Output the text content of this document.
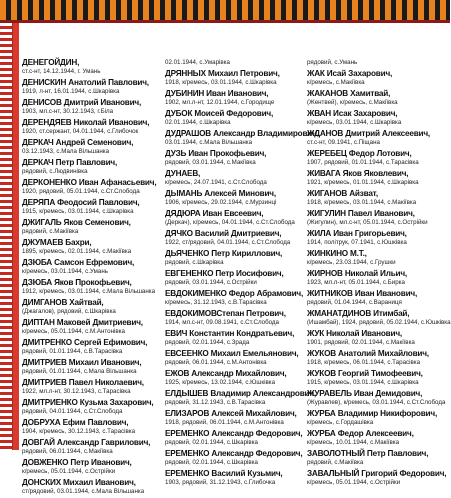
ДЕНЕГОЙДИН,
ст.с-нт, 14.12.1944, г. Умань
ДЕНИСКИН Анатолий Павлович,
1919, л-нт, 16.01.1944, с.Шкарівка
ДЕНИСОВ Дмитрий Иванович,
1903, мл.с-нт, 30.12.1943, г.Біла
ДЕРЕНДЯЕВ Николай Иванович,
1920, ст.сержант, 04.01.1944, с.Глибочок
ДЕРКАЧ Андрей Семенович,
03.12.1943, с.Мала Вільшанка
ДЕРКАЧ Петр Павлович,
рядовий, с.Людвинівка
ДЕРКОНЕНКО Иван Афанасьевич,
1920, рядовий, 05.01.1944, с.Ст.Слобода
ДЕРЯПА Феодосий Павлович,
1915, к/ремесь, 03.01.1944, с.Шкарівка
ДЖИГАЛЬ Яков Семенович,
рядовий, с.Макіївка
ДЖУМАЕВ Бахри,
1895, к/ремесь, 02.01.1944, с.Макіївка
ДЗЮБА Самсон Ефремович,
к/ремесь, 03.01.1944, с.Умань
ДЗЮБА Яков Прокофьевич,
1912, к/ремесь, 03.01.1944, с.Мала Вільшанка
ДИМГАНОВ Хайтвай,
(Джагалов), рядовий, с.Шкарівка
ДИПТАН Маковей Дмитриевич,
к/ремесь, 05.01.1944, с.М.Антонівка
ДМИТРЕНКО Сергей Ефимович,
рядовий, 01.01.1944, с.В.Тарасівка
ДМИТРИЕВ Михаил Иванович,
рядовий, 01.01.1944, с.Мала Вільшанка
ДМИТРИЕВ Павел Николаевич,
1922, мл.л-нт, 30.12.1943, с.Тарасівка
ДМИТРИЕНКО Кузьма Захарович,
рядовий, 04.01.1944, с.Ст.Слобода
ДОБРУХА Ефим Павлович,
1904, к/ремесь, 30.12.1943, с.Тарасівка
ДОВГАЙ Александр Гаврилович,
рядовий, 06.01.1944, с.Макіївка
ДОВЖЕНКО Петр Иванович,
к/ремесь, 05.01.1944, с.Острійки
ДОНСКИХ Михаил Иванович,
ст/рядовий, 03.01.1944, с.Мала Вільшанка
02.01.1944, с.Умарівка
ДРЯННЫХ Михаил Петрович,
1918, к/ремесь, 03.01.1944, с.Шкарівка
ДУБИНИН Иван Иванович,
1902, мл.л-нт, 12.01.1944, с.Городище
ДУБОК Моисей Федорович,
02.01.1944, с.Шкарівка
ДУДРАШОВ Александр Владимирович,
03.01.1944, с.Мала Вільшанка
ДУЗЬ Иван Прокофьевич,
рядовий, 03.01.1944, с.Макіївка
ДУНАЕВ,
к/ремесь, 24.07.1941, с.Ст.Слобода
ДЫМАНЬ Алексей Минович,
1906, к/ремесь, 29.02.1944, с.Мурзинці
ДЯДЮРА Иван Евсеевич,
(Деркач), к/ремесь, 04.01.1944, с.Ст.Слобода
ДЯЧКО Василий Дмитриевич,
1922, ст/рядовий, 04.01.1944, с.Ст.Слобода
ДЬЯЧЕНКО Петр Кириллович,
рядовий, с.Шкарівка
ЕВГЕНЕНКО Петр Иосифович,
рядовий, 03.01.1944, с.Острійки
ЕВДОКИМЕНКО Федор Абрамович,
к/ремесь, 31.12.1943, с.В.Тарасівка
ЕВДОКИМОВСтепан Петрович,
1914, мл.с-нт, 09.08.1941, с.Ст.Слобода
ЕВИЧ Константин Кондратьевич,
рядовий, 02.01.1944, с.Зрада
ЕВСЕЕНКО Михаил Емельянович,
рядовий, 06.01.1944, с.М.Антонівка
ЕЖОВ Александр Михайлович,
1925, к/ремесь, 13.02.1944, с.Юшківка
ЕЛДЫШЕВ Владимир Александрович,
рядовий, 31.12.1943, с.В.Тарасівка
ЕЛИЗАРОВ Алексей Михайлович,
1918, рядовий, 06.01.1944, с.М.Антонівка
ЕРЕМЕНКО Александр Федорович,
рядовий, 02.01.1944, с.Шкарівка
ЕРЕМЕНКО Александр Федорович,
рядовий, 02.01.1944, с.Шкарівка
ЕРЕМЕНКО Василий Кузьмич,
1903, рядовий, 31.12.1943, с.Глибочка
рядовий, с.Умань
ЖАК Исай Захарович,
к/ремесь, с.Макіївка
ЖАКАНОВ Хамитвай,
(Жентвей), к/ремесь, с.Макіївка
ЖВАН Исак Захарович,
к/ремесь, 03.01.1944, с.Шкарівка
ЖДАНОВ Дмитрий Алексеевич,
ст.с-нт, 09.1941, с.Піщана
ЖЕРЕБЕЦ Федор Лотович,
1907, рядовий, 01.01.1944, с.Тарасівка
ЖИВАГА Яков Яковлевич,
1921, к/ремесь, 01.01.1944, с.Шкарівка
ЖИГАНОВ Айзват,
1918, к/ремесь, 03.01.1944, с.Макіївка
ЖИГУЛИН Павел Иванович,
(Жигулин), мл.с-нт, 05.01.1944, с.Острійки
ЖИЛА Иван Григорьевич,
1914, полiтрук, 07.1941, с.Юшківка
ЖИНКИНО М.Т.,
к/ремесь, 23.03.1944, с.Грушки
ЖИРНОВ Николай Ильич,
1923, мл.л-нт, 05.01.1944, с.Бирка
ЖИТНИКОВ Иван Иванович,
рядовий, 01.04.1944, с.Вараниця
ЖМАНАТДИНОВ Итимбай,
(Ишамбай), 1924, рядовий, 05.02.1944, с.Юшківка
ЖУК Николай Иванович,
1901, рядовий, 02.01.1944, с.Макіївка
ЖУКОВ Анатолий Михайлович,
1918, к/ремесь, 06.01.1944, с.Тарасівка
ЖУКОВ Георгий Тимофеевич,
1915, к/ремесь, 03.01.1944, с.Шкарівка
ЖУРАВЕЛЬ Иван Демидович,
(Журавлев), к/ремесь, 03.01.1944, с.Ст.Слобода
ЖУРБА Владимир Никифорович,
к/ремесь, с.Гордашівка
ЖУРБА Федор Алексеевич,
к/ремесь, 10.01.1944, с.Макіївка
ЗАВОЛОТНЫЙ Петр Павлович,
рядовий, с.Макіївка
ЗАВАЛЬНЫЙ Григорий Федорович,
к/ремесь, 05.01.1944, с.Острійки
